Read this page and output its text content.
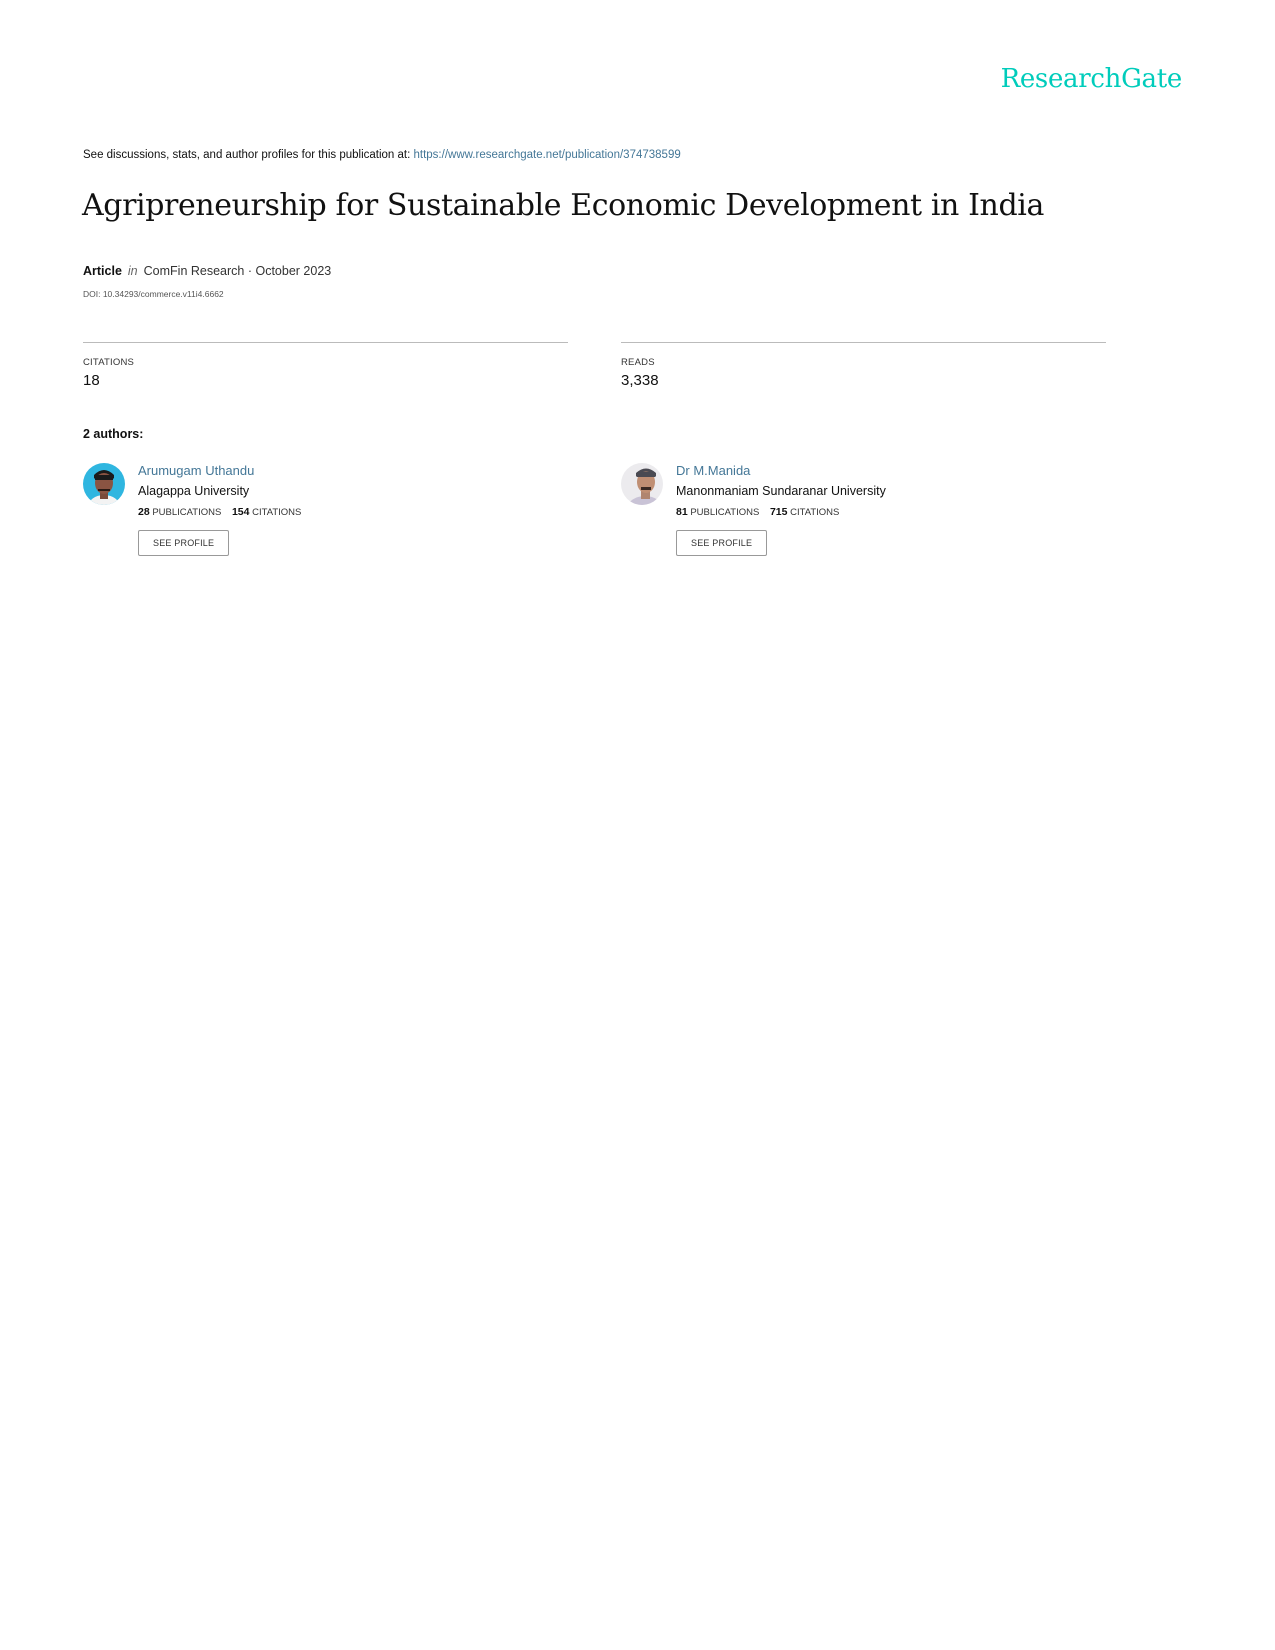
ResearchGate
See discussions, stats, and author profiles for this publication at: https://www.researchgate.net/publication/374738599
Agripreneurship for Sustainable Economic Development in India
Article in ComFin Research · October 2023
DOI: 10.34293/commerce.v11i4.6662
CITATIONS
18
READS
3,338
2 authors:
Arumugam Uthandu
Alagappa University
28 PUBLICATIONS 154 CITATIONS
SEE PROFILE
Dr M.Manida
Manonmaniam Sundaranar University
81 PUBLICATIONS 715 CITATIONS
SEE PROFILE
